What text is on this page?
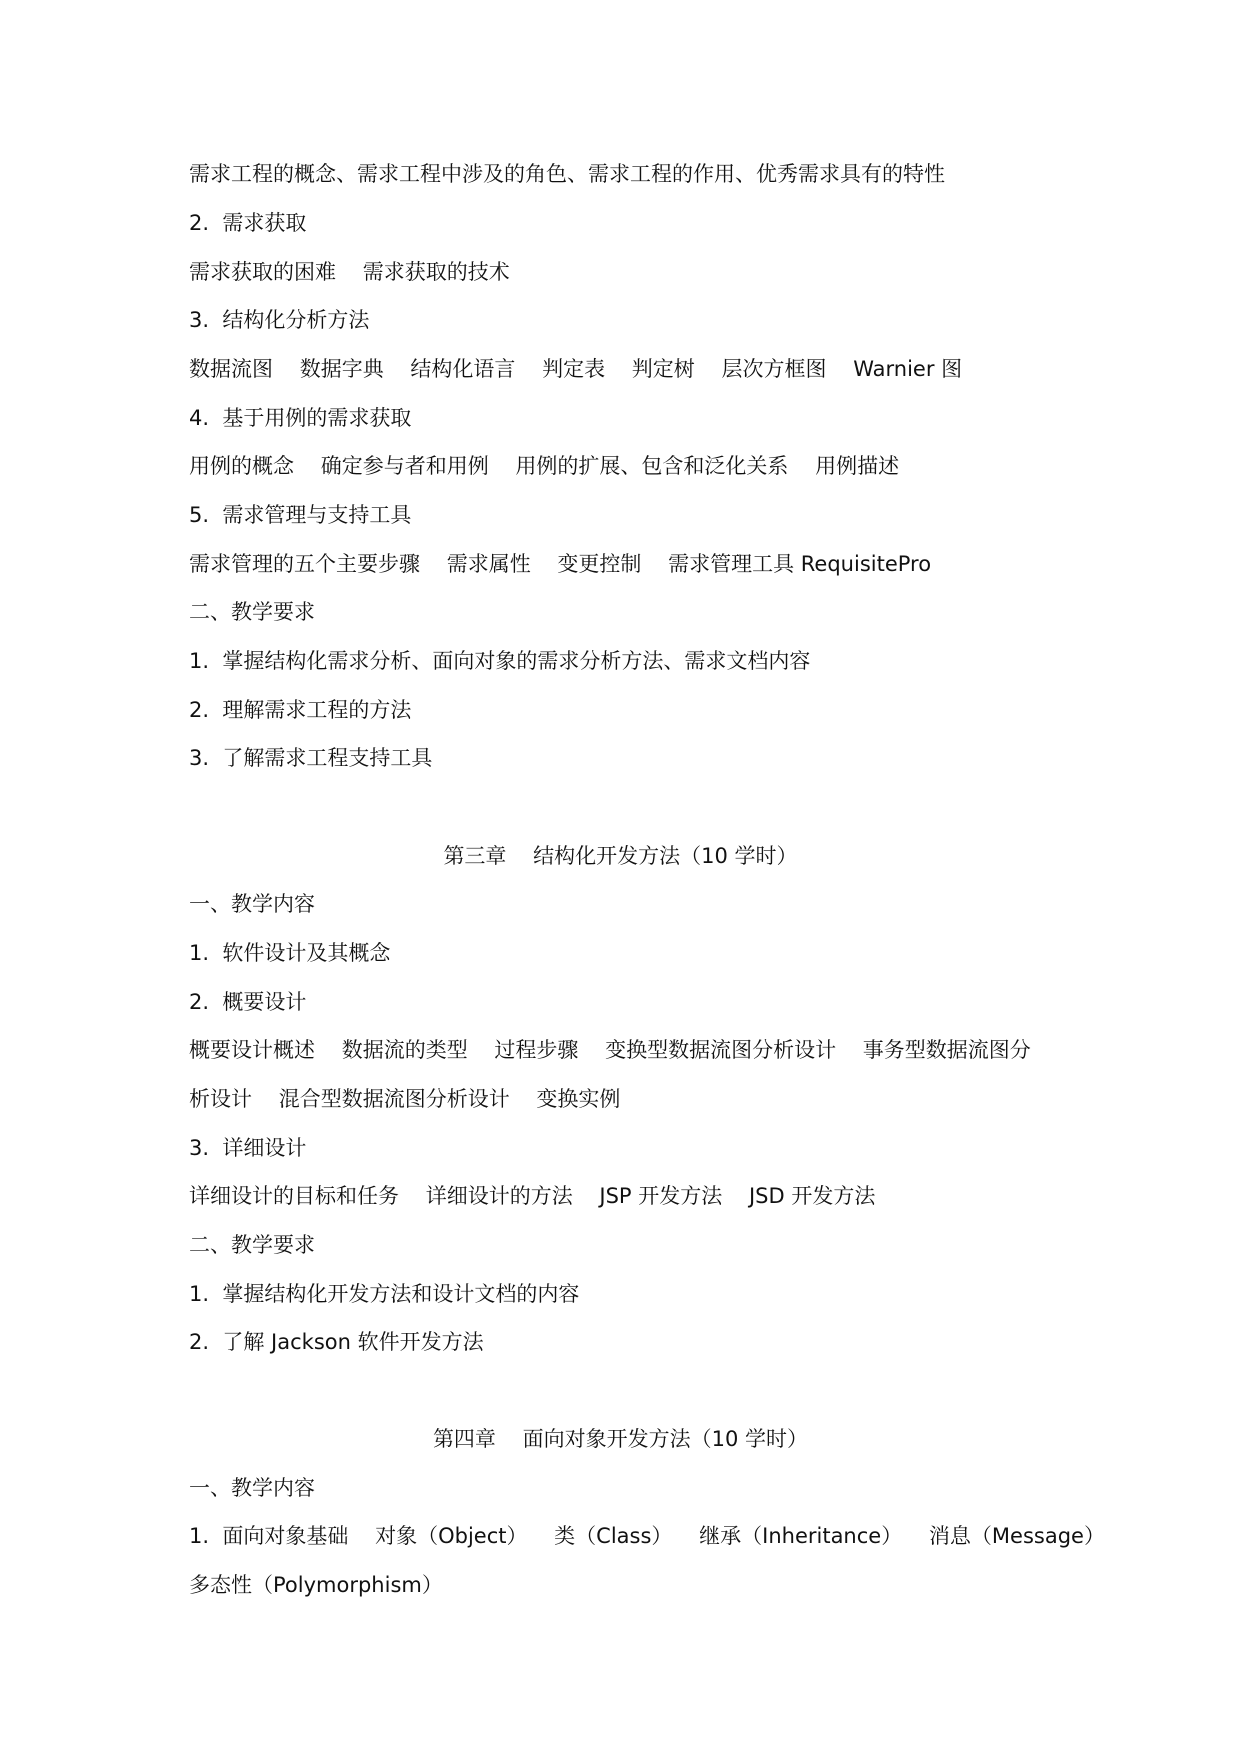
需求工程的概念、需求工程中涉及的角色、需求工程的作用、优秀需求具有的特性
2.  需求获取
需求获取的困难    需求获取的技术
3.  结构化分析方法
数据流图    数据字典    结构化语言    判定表    判定树    层次方框图    Warnier 图
4.  基于用例的需求获取
用例的概念    确定参与者和用例    用例的扩展、包含和泛化关系    用例描述
5.  需求管理与支持工具
需求管理的五个主要步骤    需求属性    变更控制    需求管理工具 RequisitePro
二、教学要求
1.  掌握结构化需求分析、面向对象的需求分析方法、需求文档内容
2.  理解需求工程的方法
3.  了解需求工程支持工具
第三章    结构化开发方法（10 学时）
一、教学内容
1.  软件设计及其概念
2.  概要设计
概要设计概述    数据流的类型    过程步骤    变换型数据流图分析设计    事务型数据流图分
析设计    混合型数据流图分析设计    变换实例
3.  详细设计
详细设计的目标和任务    详细设计的方法    JSP 开发方法    JSD 开发方法
二、教学要求
1.  掌握结构化开发方法和设计文档的内容
2.  了解 Jackson 软件开发方法
第四章    面向对象开发方法（10 学时）
一、教学内容
1.  面向对象基础    对象（Object）    类（Class）    继承（Inheritance）    消息（Message）
多态性（Polymorphism）
